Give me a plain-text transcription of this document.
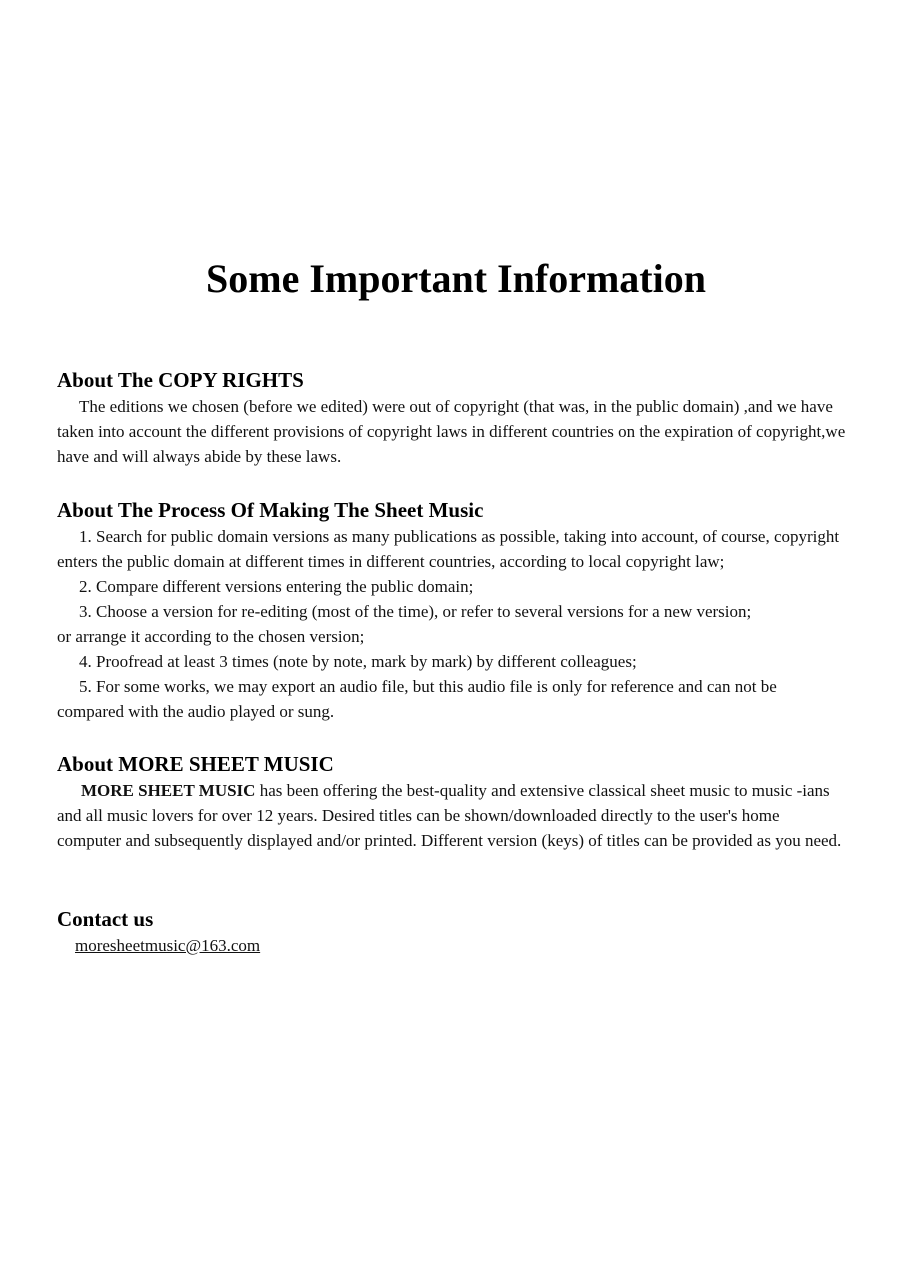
Some Important Information
About The COPY RIGHTS

The editions we chosen (before we edited) were out of copyright (that was, in the public domain) ,and we have taken into account the different provisions of copyright laws in different countries on the expiration of copyright,we have and will always abide by these laws.

About The Process Of Making The Sheet Music

1. Search for public domain versions as many publications as possible, taking into account, of course, copyright enters the public domain at different times in different countries, according to local copyright law;

2. Compare different versions entering the public domain;

3. Choose a version for re-editing (most of the time), or refer to several versions for a new version;

or arrange it according to the chosen version;

4. Proofread at least 3 times (note by note, mark by mark) by different colleagues;

5. For some works, we may export an audio file, but this audio file is only for reference and can not be compared with the audio played or sung.

About MORE SHEET MUSIC

MORE SHEET MUSIC has been offering the best-quality and extensive classical sheet music to music -ians and all music lovers for over 12 years. Desired titles can be shown/downloaded directly to the user's home computer and subsequently displayed and/or printed. Different version (keys) of titles can be provided as you need.

Contact us
moresheetmusic@163.com
